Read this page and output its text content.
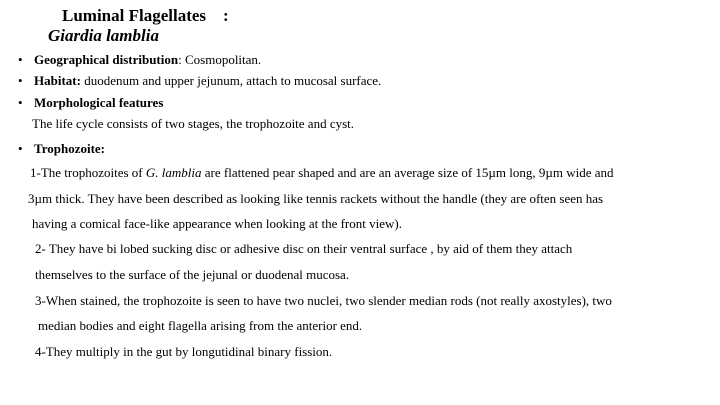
Luminal Flagellates    :
Giardia lamblia
• Geographical distribution: Cosmopolitan.
• Habitat: duodenum and upper jejunum, attach to mucosal surface.
• Morphological features
The life cycle consists of two stages, the trophozoite and cyst.
• Trophozoite:
1-The trophozoites of G. lamblia are flattened pear shaped and are an average size of 15µm long, 9µm wide and
3µm thick. They have been described as looking like tennis rackets without the handle (they are often seen has
having a comical face-like appearance when looking at the front view).
2- They have bi lobed sucking disc or adhesive disc on their ventral surface , by aid of them they attach
themselves to the surface of the jejunal or duodenal mucosa.
3-When stained, the trophozoite is seen to have two nuclei, two slender median rods (not really axostyles), two
median bodies and eight flagella arising from the anterior end.
4-They multiply in the gut by longutidinal binary fission.
